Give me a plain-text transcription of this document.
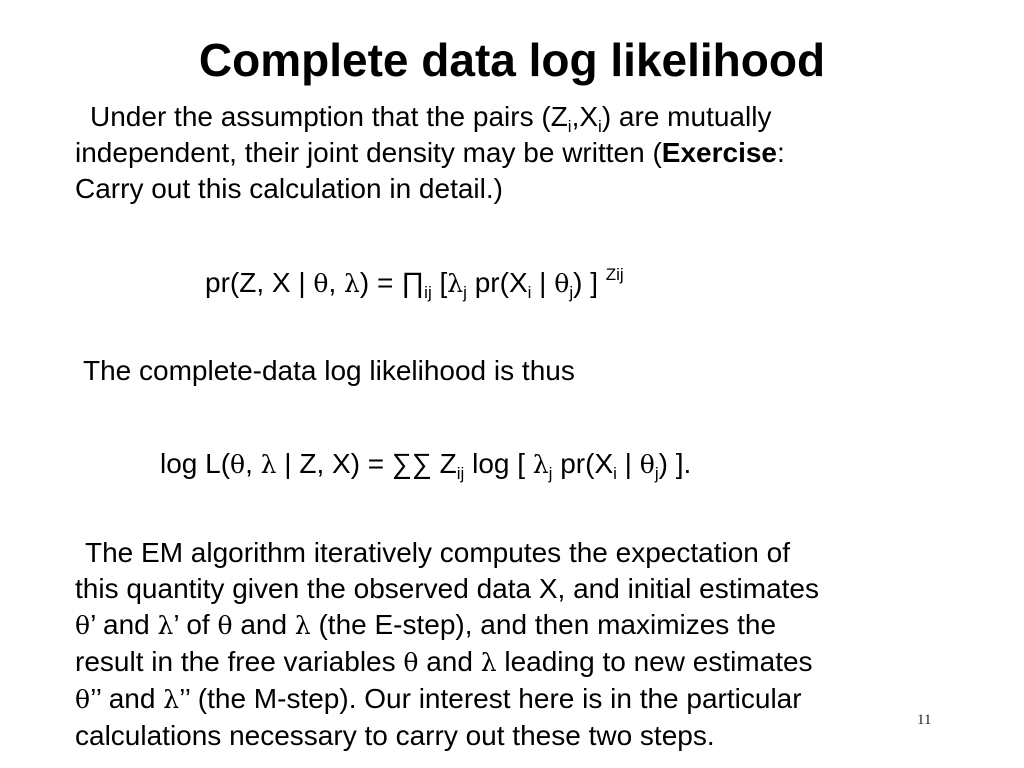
Complete data log likelihood
Under the assumption that the pairs $(Z_i,X_i)$ are mutually
independent, their joint density may be written (Exercise:
Carry out this calculation in detail.)
pr(Z, X | θ, $\lambda) = \prod_{ij}$ [$\lambda_j$ $pr(X_i$ | $\theta_j$) ] $^{Zij}$
The complete-data log likelihood is thus
log L(θ, λ | Z, X) = ∑∑ $Z_{ij}$ log [ $\lambda_j$ $pr(X_i$ | $\theta_j$) ].
The EM algorithm iteratively computes the expectation of
this quantity given the observed data X, and initial estimates
θ’ and λ’ of θ and λ (the E-step), and then maximizes the
result in the free variables θ and λ leading to new estimates
θ’’ and λ’’ (the M-step). Our interest here is in the particular
calculations necessary to carry out these two steps.	11
